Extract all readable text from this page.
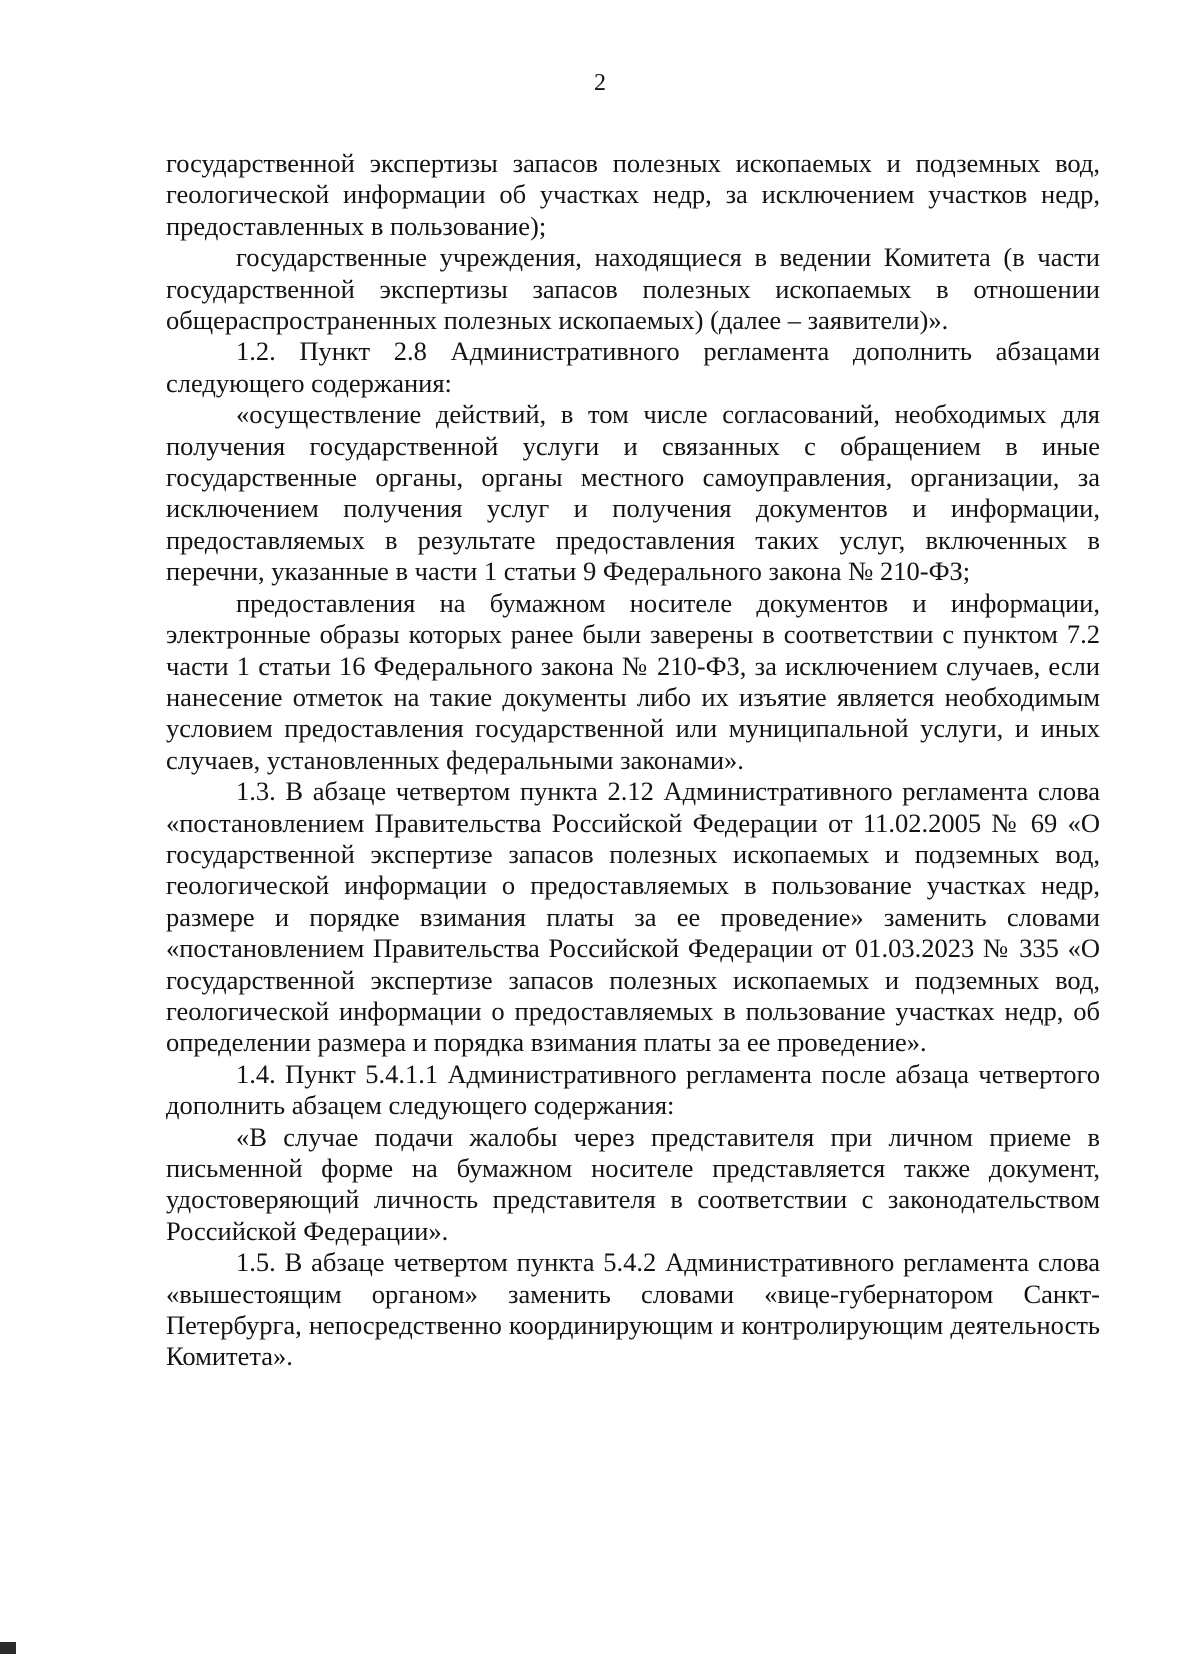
2

государственной экспертизы запасов полезных ископаемых и подземных вод, геологической информации об участках недр, за исключением участков недр, предоставленных в пользование);

государственные учреждения, находящиеся в ведении Комитета (в части государственной экспертизы запасов полезных ископаемых в отношении общераспространенных полезных ископаемых) (далее – заявители)».

1.2. Пункт 2.8 Административного регламента дополнить абзацами следующего содержания:

«осуществление действий, в том числе согласований, необходимых для получения государственной услуги и связанных с обращением в иные государственные органы, органы местного самоуправления, организации, за исключением получения услуг и получения документов и информации, предоставляемых в результате предоставления таких услуг, включенных в перечни, указанные в части 1 статьи 9 Федерального закона № 210-ФЗ;

предоставления на бумажном носителе документов и информации, электронные образы которых ранее были заверены в соответствии с пунктом 7.2 части 1 статьи 16 Федерального закона № 210-ФЗ, за исключением случаев, если нанесение отметок на такие документы либо их изъятие является необходимым условием предоставления государственной или муниципальной услуги, и иных случаев, установленных федеральными законами».

1.3. В абзаце четвертом пункта 2.12 Административного регламента слова «постановлением Правительства Российской Федерации от 11.02.2005 № 69 «О государственной экспертизе запасов полезных ископаемых и подземных вод, геологической информации о предоставляемых в пользование участках недр, размере и порядке взимания платы за ее проведение» заменить словами «постановлением Правительства Российской Федерации от 01.03.2023 № 335 «О государственной экспертизе запасов полезных ископаемых и подземных вод, геологической информации о предоставляемых в пользование участках недр, об определении размера и порядка взимания платы за ее проведение».

1.4. Пункт 5.4.1.1 Административного регламента после абзаца четвертого дополнить абзацем следующего содержания:

«В случае подачи жалобы через представителя при личном приеме в письменной форме на бумажном носителе представляется также документ, удостоверяющий личность представителя в соответствии с законодательством Российской Федерации».

1.5. В абзаце четвертом пункта 5.4.2 Административного регламента слова «вышестоящим органом» заменить словами «вице-губернатором Санкт-Петербурга, непосредственно координирующим и контролирующим деятельность Комитета».
